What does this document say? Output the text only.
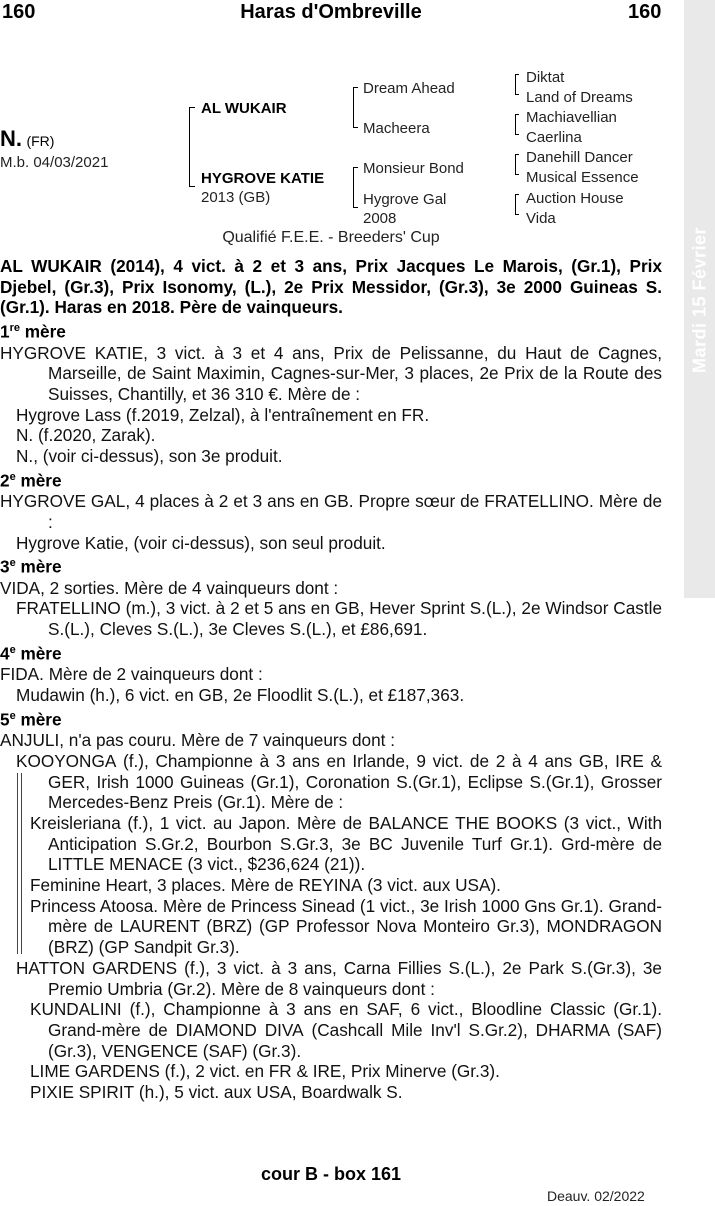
160	Haras d'Ombreville	160
Mardi 15 Février
N. (FR)
M.b. 04/03/2021
AL WUKAIR
HYGROVE KATIE
2013 (GB)
Dream Ahead
Macheera
Monsieur Bond
Hygrove Gal
2008
Diktat
Land of Dreams
Machiavellian
Caerlina
Danehill Dancer
Musical Essence
Auction House
Vida
Qualifié F.E.E. - Breeders' Cup

AL WUKAIR (2014), 4 vict. à 2 et 3 ans, Prix Jacques Le Marois, (Gr.1), Prix Djebel, (Gr.3), Prix Isonomy, (L.), 2e Prix Messidor, (Gr.3), 3e 2000 Guineas S.(Gr.1). Haras en 2018. Père de vainqueurs.

1re mère

HYGROVE KATIE, 3 vict. à 3 et 4 ans, Prix de Pelissanne, du Haut de Cagnes, Marseille, de Saint Maximin, Cagnes-sur-Mer, 3 places, 2e Prix de la Route des Suisses, Chantilly, et 36 310 €. Mère de :

Hygrove Lass (f.2019, Zelzal), à l'entraînement en FR.

N. (f.2020, Zarak).

N., (voir ci-dessus), son 3e produit.

2e mère

HYGROVE GAL, 4 places à 2 et 3 ans en GB. Propre sœur de FRATELLINO. Mère de :

Hygrove Katie, (voir ci-dessus), son seul produit.

3e mère

VIDA, 2 sorties. Mère de 4 vainqueurs dont :

FRATELLINO (m.), 3 vict. à 2 et 5 ans en GB, Hever Sprint S.(L.), 2e Windsor Castle S.(L.), Cleves S.(L.), 3e Cleves S.(L.), et £86,691.

4e mère

FIDA. Mère de 2 vainqueurs dont :

Mudawin (h.), 6 vict. en GB, 2e Floodlit S.(L.), et £187,363.

5e mère

ANJULI, n'a pas couru. Mère de 7 vainqueurs dont :

KOOYONGA (f.), Championne à 3 ans en Irlande, 9 vict. de 2 à 4 ans GB, IRE & GER, Irish 1000 Guineas (Gr.1), Coronation S.(Gr.1), Eclipse S.(Gr.1), Grosser Mercedes-Benz Preis (Gr.1). Mère de :

Kreisleriana (f.), 1 vict. au Japon. Mère de BALANCE THE BOOKS (3 vict., With Anticipation S.Gr.2, Bourbon S.Gr.3, 3e BC Juvenile Turf Gr.1). Grd-mère de LITTLE MENACE (3 vict., $236,624 (21)).

Feminine Heart, 3 places. Mère de REYINA (3 vict. aux USA).

Princess Atoosa. Mère de Princess Sinead (1 vict., 3e Irish 1000 Gns Gr.1). Grand-mère de LAURENT (BRZ) (GP Professor Nova Monteiro Gr.3), MONDRAGON (BRZ) (GP Sandpit Gr.3).

HATTON GARDENS (f.), 3 vict. à 3 ans, Carna Fillies S.(L.), 2e Park S.(Gr.3), 3e Premio Umbria (Gr.2). Mère de 8 vainqueurs dont :

KUNDALINI (f.), Championne à 3 ans en SAF, 6 vict., Bloodline Classic (Gr.1). Grand-mère de DIAMOND DIVA (Cashcall Mile Inv'l S.Gr.2), DHARMA (SAF) (Gr.3), VENGENCE (SAF) (Gr.3).

LIME GARDENS (f.), 2 vict. en FR & IRE, Prix Minerve (Gr.3).

PIXIE SPIRIT (h.), 5 vict. aux USA, Boardwalk S.

cour B - box 161
Deauv. 02/2022
